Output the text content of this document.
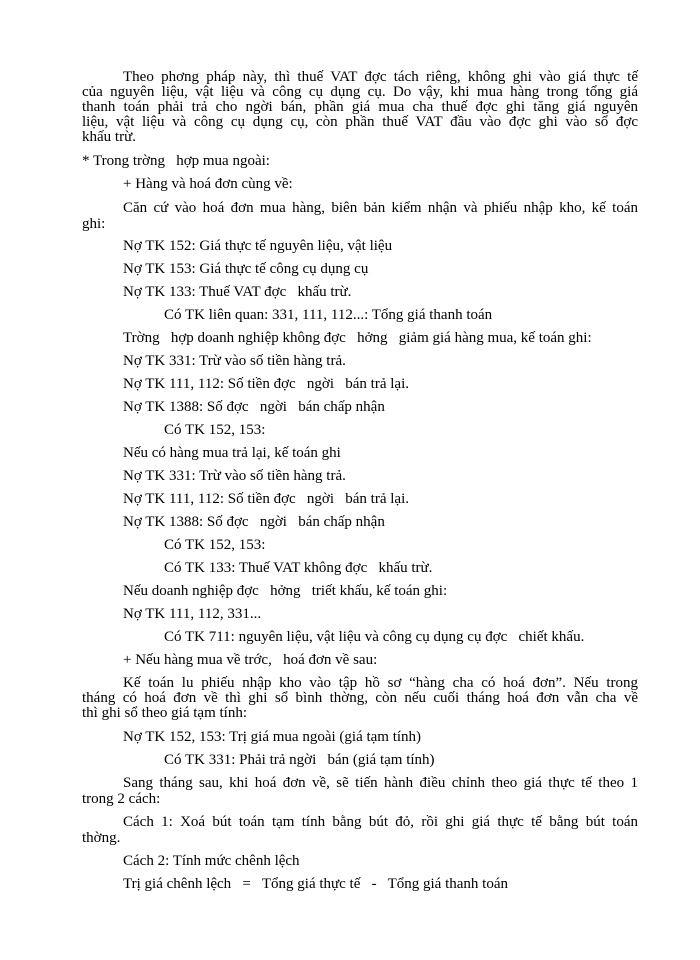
Theo phơng pháp này, thì thuế VAT đợc tách riêng, không ghi vào giá thực tế
của nguyên liệu, vật liệu và công cụ dụng cụ. Do vậy, khi mua hàng trong tổng giá
thanh toán phải trả cho ngời bán, phần giá mua cha thuế đợc ghi tăng giá nguyên
liệu, vật liệu và công cụ dụng cụ, còn phần thuế VAT đầu vào đợc ghi vào sổ đợc
khấu trừ.
* Trong trờng   hợp mua ngoài:
+ Hàng và hoá đơn cùng về:
Căn cứ vào hoá đơn mua hàng, biên bản kiểm nhận và phiếu nhập kho, kế toán
ghi:
Nợ TK 152: Giá thực tế nguyên liệu, vật liệu
Nợ TK 153: Giá thực tế công cụ dụng cụ
Nợ TK 133: Thuế VAT đợc   khấu trừ.
Có TK liên quan: 331, 111, 112...: Tổng giá thanh toán
Trờng   hợp doanh nghiệp không đợc   hởng   giảm giá hàng mua, kế toán ghi:
Nợ TK 331: Trừ vào số tiền hàng trả.
Nợ TK 111, 112: Số tiền đợc   ngời   bán trả lại.
Nợ TK 1388: Số đợc   ngời   bán chấp nhận
Có TK 152, 153:
Nếu có hàng mua trả lại, kế toán ghi
Nợ TK 331: Trừ vào số tiền hàng trả.
Nợ TK 111, 112: Số tiền đợc   ngời   bán trả lại.
Nợ TK 1388: Số đợc   ngời   bán chấp nhận
Có TK 152, 153:
Có TK 133: Thuế VAT không đợc   khấu trừ.
Nếu doanh nghiệp đợc   hởng   triết khấu, kế toán ghi:
Nợ TK 111, 112, 331...
Có TK 711: nguyên liệu, vật liệu và công cụ dụng cụ đợc   chiết khấu.
+ Nếu hàng mua về trớc,   hoá đơn về sau:
Kế toán lu phiếu nhập kho vào tập hồ sơ “hàng cha có hoá đơn”. Nếu trong
tháng có hoá đơn về thì ghi sổ bình thờng, còn nếu cuối tháng hoá đơn vẫn cha về
thì ghi sổ theo giá tạm tính:
Nợ TK 152, 153: Trị giá mua ngoài (giá tạm tính)
Có TK 331: Phải trả ngời   bán (giá tạm tính)
Sang tháng sau, khi hoá đơn về, sẽ tiến hành điều chỉnh theo giá thực tế theo 1
trong 2 cách:
Cách 1: Xoá bút toán tạm tính bằng bút đỏ, rồi ghi giá thực tế bằng bút toán
thờng.
Cách 2: Tính mức chênh lệch
Trị giá chênh lệch   =   Tổng giá thực tế   -   Tổng giá thanh toán
